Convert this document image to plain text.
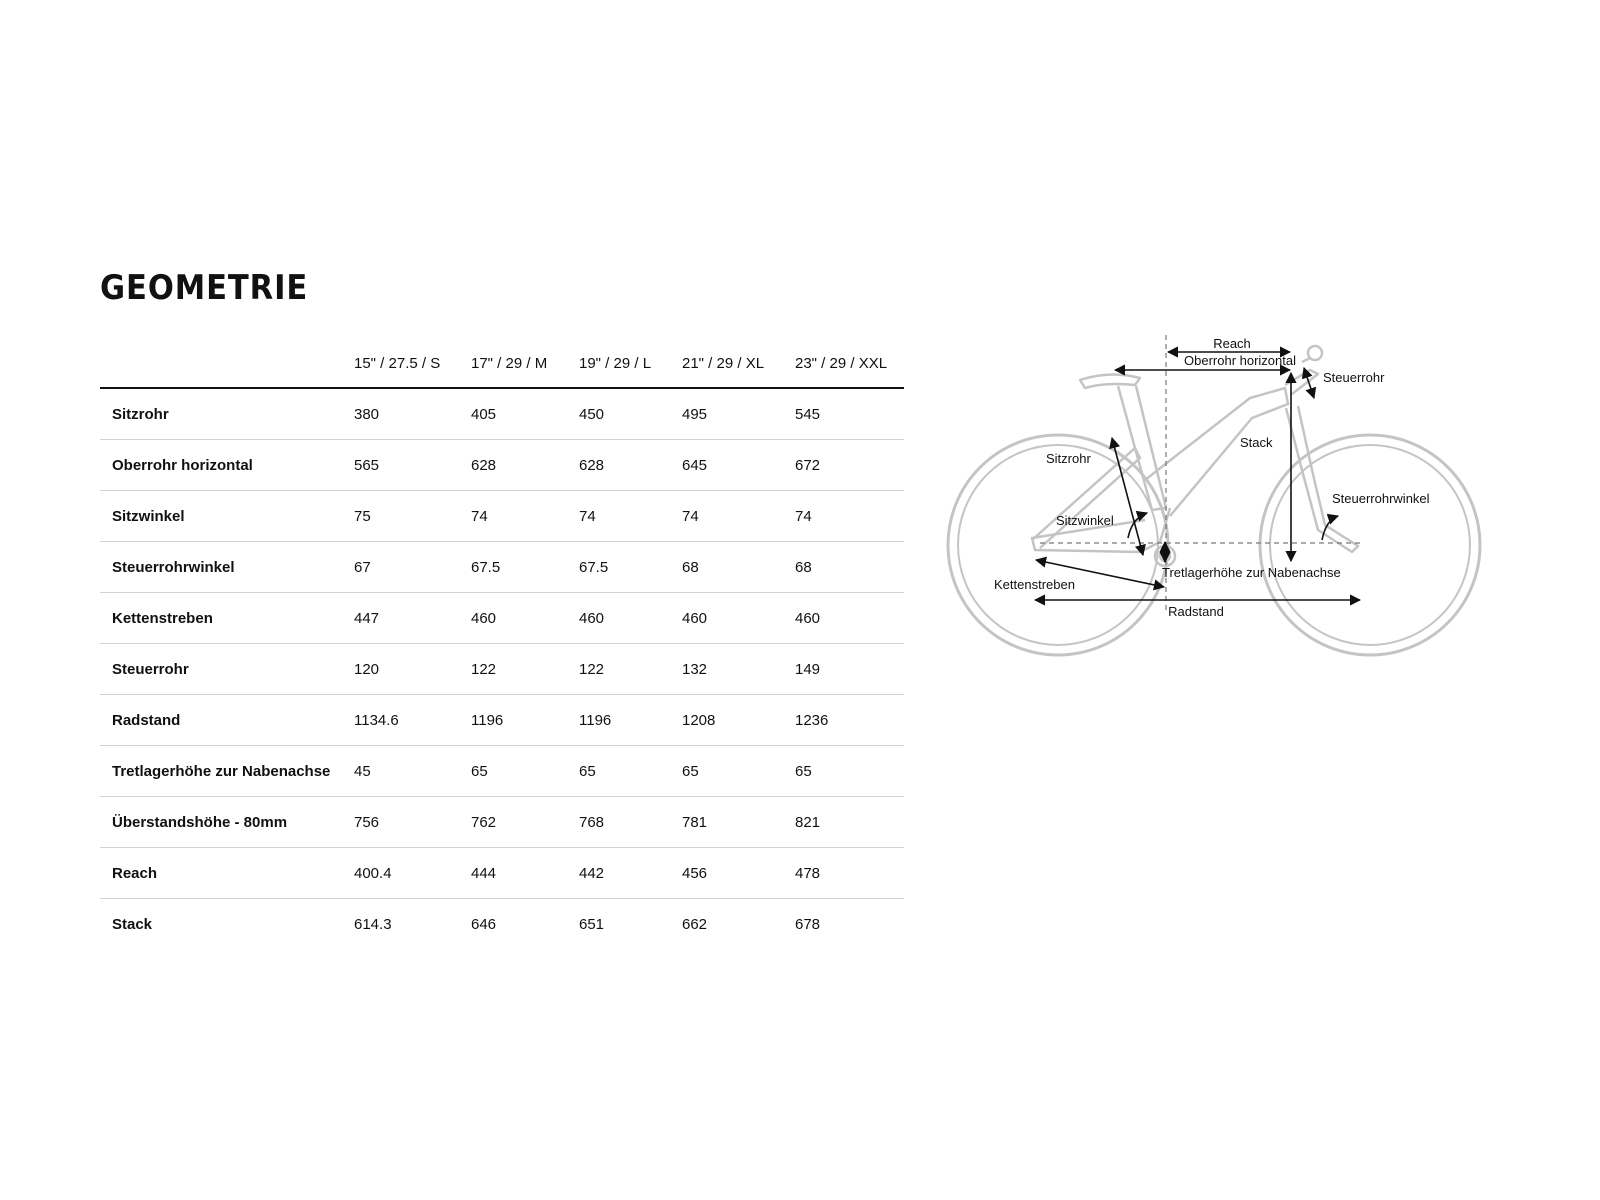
GEOMETRIE
	15" / 27.5 / S	17" / 29 / M	19" / 29 / L	21" / 29 / XL	23" / 29 / XXL
Sitzrohr	380	405	450	495	545
Oberrohr horizontal	565	628	628	645	672
Sitzwinkel	75	74	74	74	74
Steuerrohrwinkel	67	67.5	67.5	68	68
Kettenstreben	447	460	460	460	460
Steuerrohr	120	122	122	132	149
Radstand	1134.6	1196	1196	1208	1236
Tretlagerhöhe zur Nabenachse	45	65	65	65	65
Überstandshöhe - 80mm	756	762	768	781	821
Reach	400.4	444	442	456	478
Stack	614.3	646	651	662	678
Reach
Oberrohr horizontal
Steuerrohr
Stack
Sitzrohr
Steuerrohrwinkel
Sitzwinkel
Tretlagerhöhe zur Nabenachse
Kettenstreben
Radstand
